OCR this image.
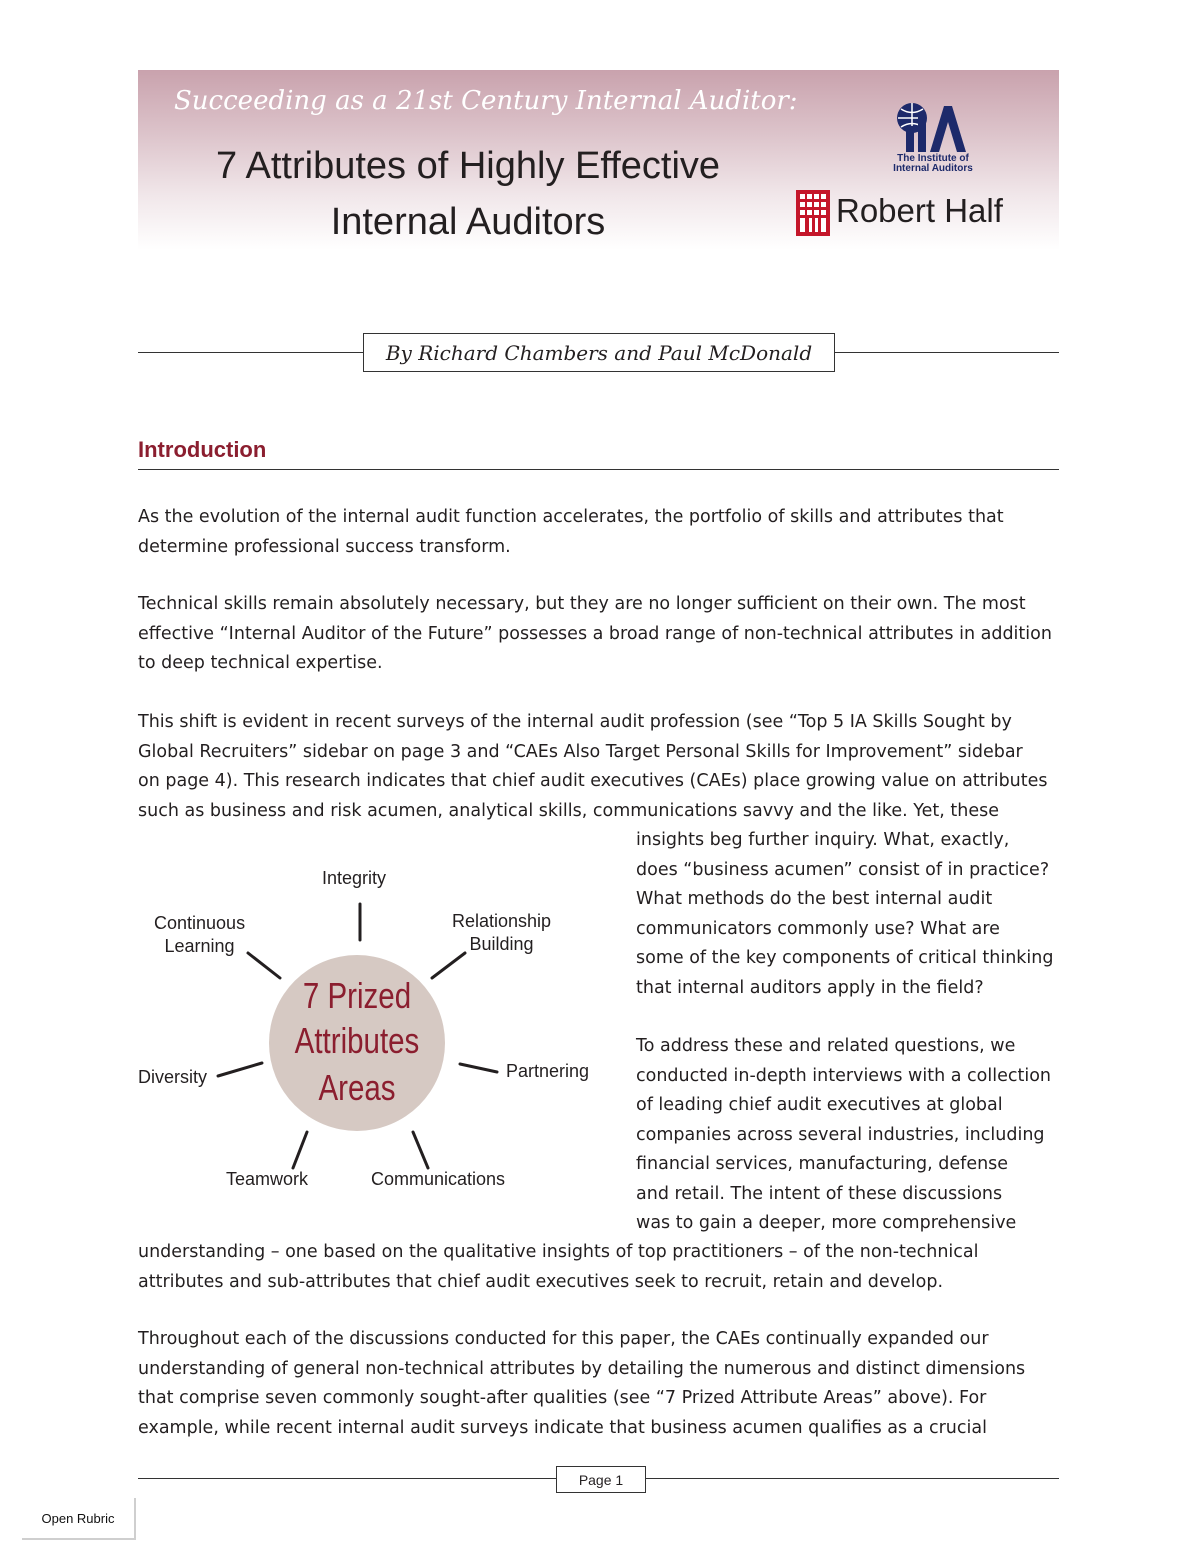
Succeeding as a 21st Century Internal Auditor:
7 Attributes of Highly Effective
Internal Auditors
The Institute of
Internal Auditors
Robert Half
By Richard Chambers and Paul McDonald
Introduction
As the evolution of the internal audit function accelerates, the portfolio of skills and attributes that
determine professional success transform.
Technical skills remain absolutely necessary, but they are no longer sufficient on their own. The most
effective “Internal Auditor of the Future” possesses a broad range of non-technical attributes in addition
to deep technical expertise.
This shift is evident in recent surveys of the internal audit profession (see “Top 5 IA Skills Sought by
Global Recruiters” sidebar on page 3 and “CAEs Also Target Personal Skills for Improvement” sidebar
on page 4). This research indicates that chief audit executives (CAEs) place growing value on attributes
such as business and risk acumen, analytical skills, communications savvy and the like. Yet, these
insights beg further inquiry. What, exactly,
does “business acumen” consist of in practice?
What methods do the best internal audit
communicators commonly use? What are
some of the key components of critical thinking
that internal auditors apply in the field?
To address these and related questions, we
conducted in-depth interviews with a collection
of leading chief audit executives at global
companies across several industries, including
financial services, manufacturing, defense
and retail. The intent of these discussions
was to gain a deeper, more comprehensive
7 Prized
Attributes
Areas
Integrity
Relationship
Building
Partnering
Communications
Teamwork
Diversity
Continuous
Learning
understanding – one based on the qualitative insights of top practitioners – of the non-technical
attributes and sub-attributes that chief audit executives seek to recruit, retain and develop.
Throughout each of the discussions conducted for this paper, the CAEs continually expanded our
understanding of general non-technical attributes by detailing the numerous and distinct dimensions
that comprise seven commonly sought-after qualities (see “7 Prized Attribute Areas” above). For
example, while recent internal audit surveys indicate that business acumen qualifies as a crucial
Page 1
Open Rubric
